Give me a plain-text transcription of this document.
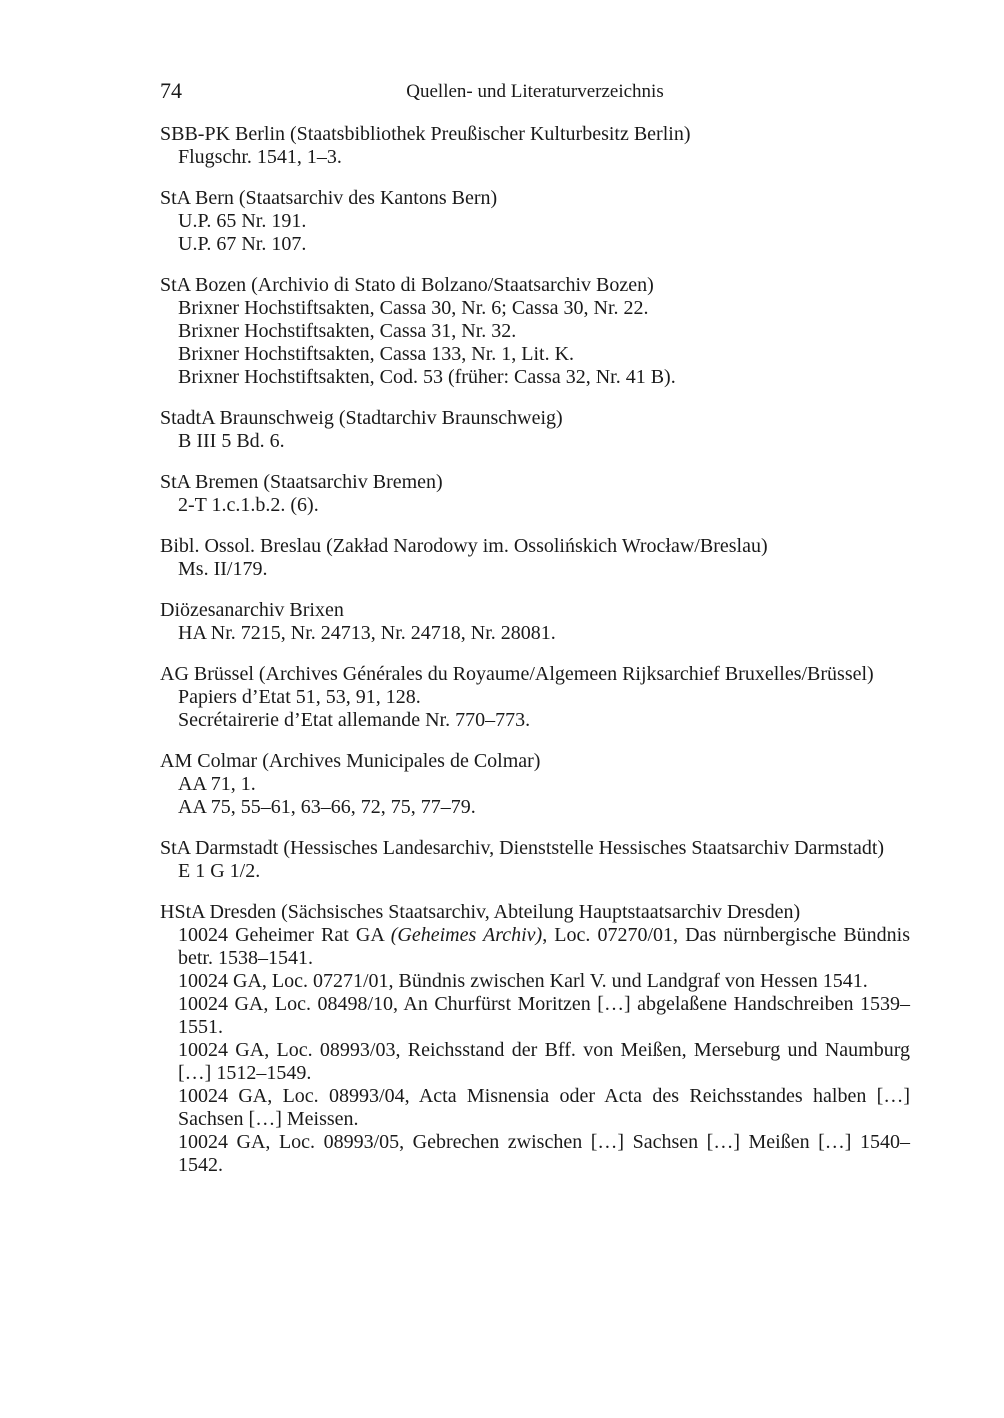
74	Quellen- und Literaturverzeichnis
SBB-PK Berlin (Staatsbibliothek Preußischer Kulturbesitz Berlin)
Flugschr. 1541, 1–3.
StA Bern (Staatsarchiv des Kantons Bern)
U.P. 65 Nr. 191.
U.P. 67 Nr. 107.
StA Bozen (Archivio di Stato di Bolzano/Staatsarchiv Bozen)
Brixner Hochstiftsakten, Cassa 30, Nr. 6; Cassa 30, Nr. 22.
Brixner Hochstiftsakten, Cassa 31, Nr. 32.
Brixner Hochstiftsakten, Cassa 133, Nr. 1, Lit. K.
Brixner Hochstiftsakten, Cod. 53 (früher: Cassa 32, Nr. 41 B).
StadtA Braunschweig (Stadtarchiv Braunschweig)
B III 5 Bd. 6.
StA Bremen (Staatsarchiv Bremen)
2-T 1.c.1.b.2. (6).
Bibl. Ossol. Breslau (Zakład Narodowy im. Ossolińskich Wrocław/Breslau)
Ms. II/179.
Diözesanarchiv Brixen
HA Nr. 7215, Nr. 24713, Nr. 24718, Nr. 28081.
AG Brüssel (Archives Générales du Royaume/Algemeen Rijksarchief Bruxelles/Brüssel)
Papiers d’Etat 51, 53, 91, 128.
Secrétairerie d’Etat allemande Nr. 770–773.
AM Colmar (Archives Municipales de Colmar)
AA 71, 1.
AA 75, 55–61, 63–66, 72, 75, 77–79.
StA Darmstadt (Hessisches Landesarchiv, Dienststelle Hessisches Staatsarchiv Darmstadt)
E 1 G 1/2.
HStA Dresden (Sächsisches Staatsarchiv, Abteilung Hauptstaatsarchiv Dresden)
10024 Geheimer Rat GA (Geheimes Archiv), Loc. 07270/01, Das nürnbergische Bündnis betr. 1538–1541.
10024 GA, Loc. 07271/01, Bündnis zwischen Karl V. und Landgraf von Hessen 1541.
10024 GA, Loc. 08498/10, An Churfürst Moritzen […] abgelaßene Handschreiben 1539–1551.
10024 GA, Loc. 08993/03, Reichsstand der Bff. von Meißen, Merseburg und Naumburg […] 1512–1549.
10024 GA, Loc. 08993/04, Acta Misnensia oder Acta des Reichsstandes halben […] Sachsen […] Meissen.
10024 GA, Loc. 08993/05, Gebrechen zwischen […] Sachsen […] Meißen […] 1540–1542.
